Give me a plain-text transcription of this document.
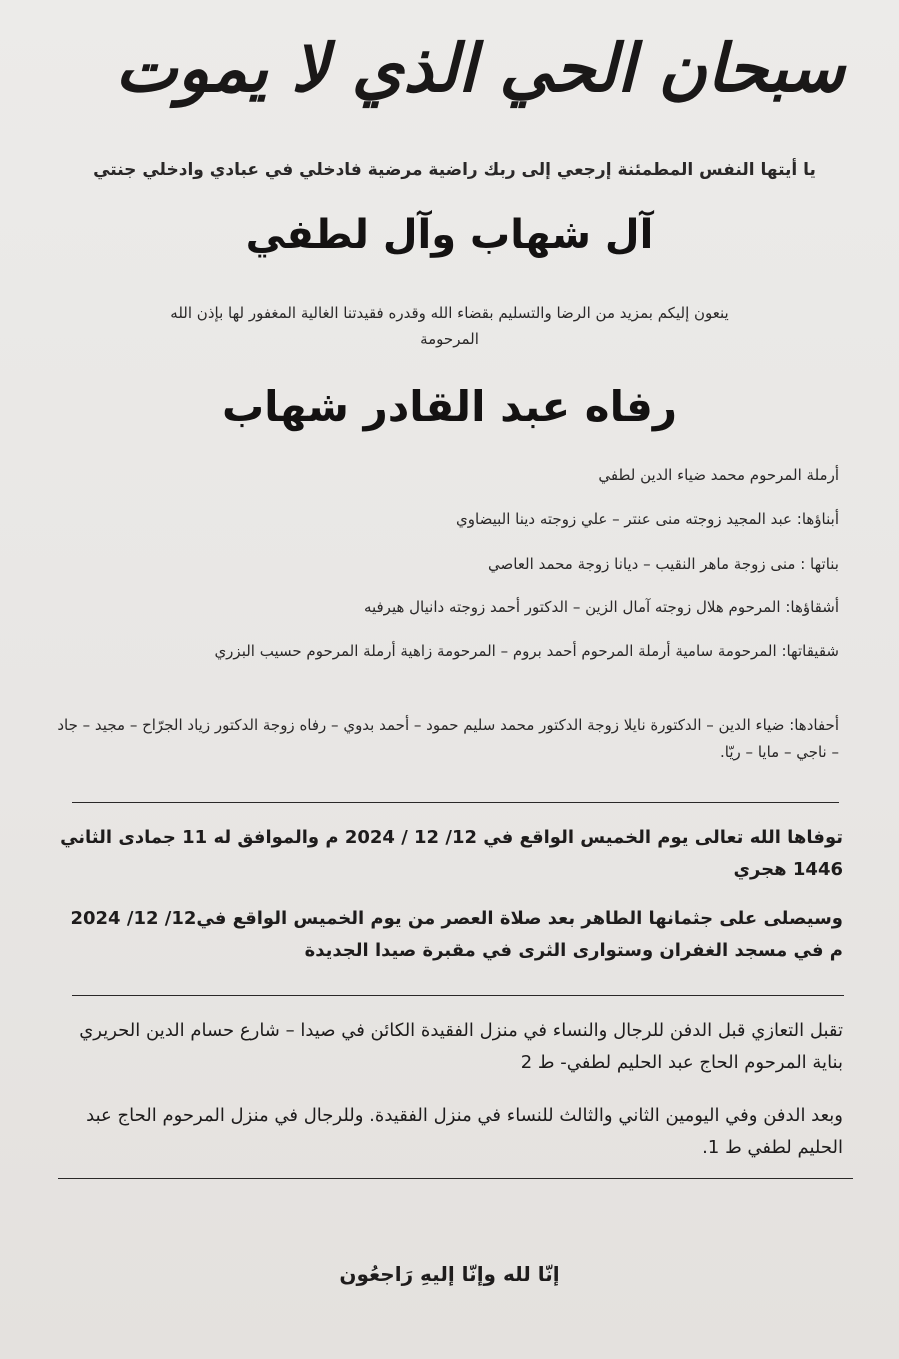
سبحان الحي الذي لا يموت
يا أيتها النفس المطمئنة إرجعي إلى ربك راضية مرضية فادخلي في عبادي وادخلي جنتي
آل شهاب وآل لطفي
ينعون إليكم بمزيد من الرضا والتسليم بقضاء الله وقدره فقيدتنا الغالية المغفور لها بإذن الله
المرحومة
رفاه عبد القادر شهاب
أرملة المرحوم محمد ضياء الدين لطفي
أبناؤها: عبد المجيد زوجته منى عنتر – علي زوجته دينا البيضاوي
بناتها : منى زوجة ماهر النقيب – ديانا زوجة محمد العاصي
أشقاؤها: المرحوم هلال زوجته آمال الزين – الدكتور أحمد زوجته دانيال هيرفيه
شقيقاتها: المرحومة سامية أرملة المرحوم أحمد بروم – المرحومة زاهية أرملة المرحوم حسيب البزري
أحفادها: ضياء الدين – الدكتورة نايلا زوجة الدكتور محمد سليم حمود – أحمد بدوي – رفاه زوجة الدكتور زياد الجرّاح – مجيد – جاد – ناجي – مايا – ريّا.
توفاها الله تعالى يوم الخميس الواقع في 12/ 12 / 2024 م والموافق له 11 جمادى الثاني 1446 هجري
وسيصلى على جثمانها الطاهر بعد صلاة العصر من يوم الخميس الواقع في12/ 12/ 2024 م في مسجد الغفران وستوارى الثرى في مقبرة صيدا الجديدة
تقبل التعازي قبل الدفن للرجال والنساء في منزل الفقيدة الكائن في صيدا – شارع حسام الدين الحريري بناية المرحوم الحاج عبد الحليم لطفي- ط 2
وبعد الدفن وفي اليومين الثاني والثالث للنساء في منزل الفقيدة. وللرجال في منزل المرحوم الحاج عبد الحليم لطفي ط 1.
إنّا لله وإنّا إليهِ رَاجعُون
